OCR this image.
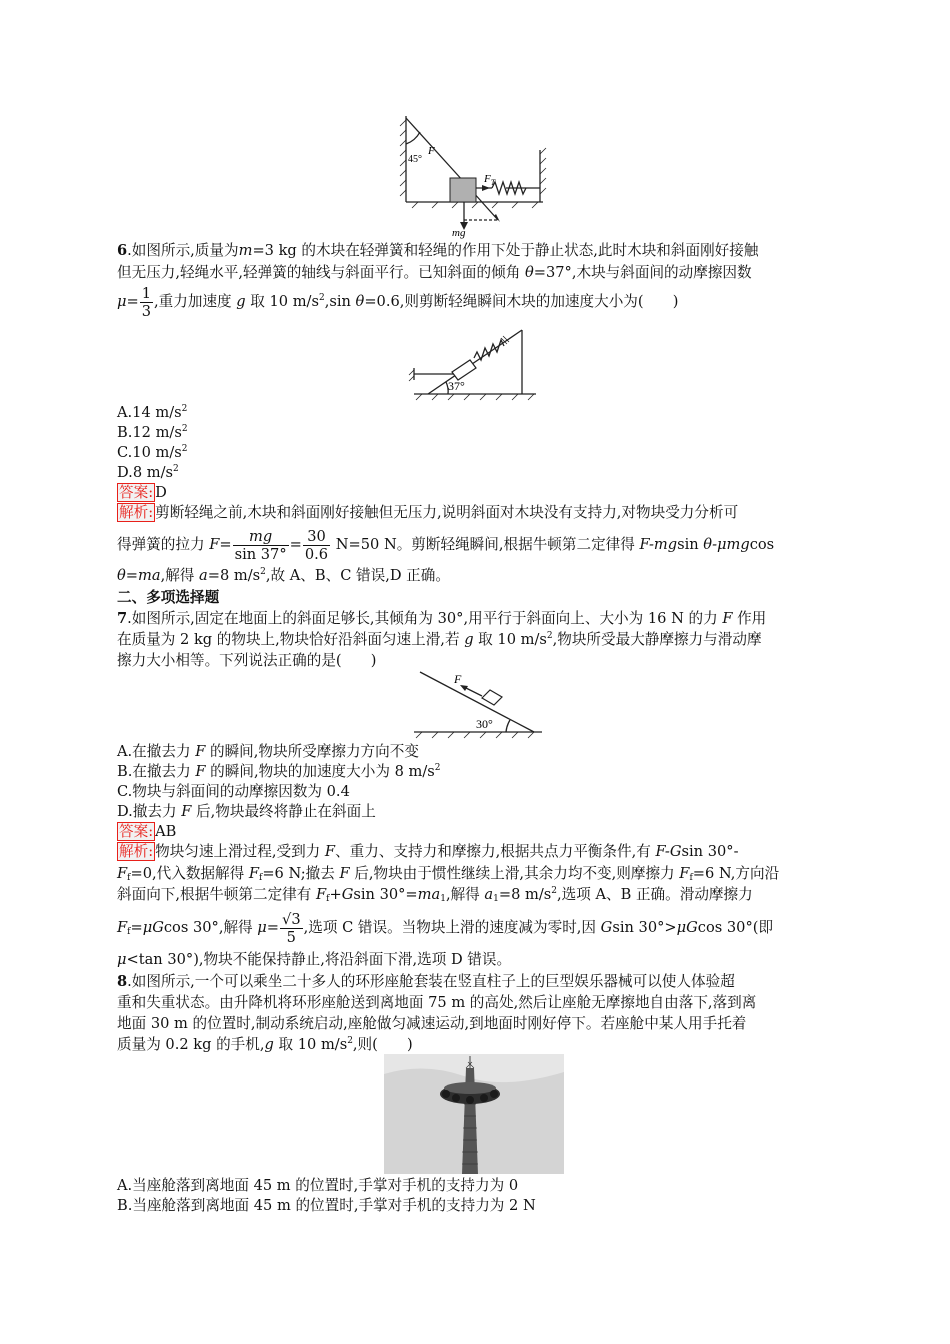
45°
F
$F_T$
mg
6.如图所示,质量为m=3 kg 的木块在轻弹簧和轻绳的作用下处于静止状态,此时木块和斜面刚好接触
但无压力,轻绳水平,轻弹簧的轴线与斜面平行。已知斜面的倾角 θ=37°,木块与斜面间的动摩擦因数
$\mu= \frac{1}{3}$ ,重力加速度 g 取 10 $m/s^2,\sin$ θ=0.6,则剪断轻绳瞬间木块的加速度大小为(　　)
37°
A.14 $m/s^2$
B.12 $m/s^2$
C.10 $m/s^2$
D.8 $m/s^2$
答案: D
解析: 剪断轻绳之前,木块和斜面刚好接触但无压力,说明斜面对木块没有支持力,对物块受力分析可
得弹簧的拉力 $F= \frac{mg}{\sin 37^\circ} = \frac{30}{0.6} N=50$ N。剪断轻绳瞬间,根据牛顿第二定律得 F-mgsin θ-μmgcos
θ=ma,解得 a=8 $m/s^2$,故 A、B、C 错误,D 正确。
二、多项选择题
7.如图所示,固定在地面上的斜面足够长,其倾角为 30°,用平行于斜面向上、大小为 16 N 的力 F 作用
在质量为 2 kg 的物块上,物块恰好沿斜面匀速上滑,若 g 取 10 $m/s^2$,物块所受最大静摩擦力与滑动摩
擦力大小相等。下列说法正确的是(　　)
F
30°
A.在撤去力 F 的瞬间,物块所受摩擦力方向不变
B.在撤去力 F 的瞬间,物块的加速度大小为 8 $m/s^2$
C.物块与斜面间的动摩擦因数为 0.4
D.撤去力 F 后,物块最终将静止在斜面上
答案: AB
解析: 物块匀速上滑过程,受到力 F、重力、支持力和摩擦力,根据共点力平衡条件,有 F-Gsin 30°-
$F_f=0$,代入数据解得 $F_f=6$ N;撤去 F 后,物块由于惯性继续上滑,其余力均不变,则摩擦力 $F_f=6$ N,方向沿
斜面向下,根据牛顿第二定律有 $F_f+Gsin$ $30^\circ=ma_1$,解得 $a_1=8$ $m/s^2$,选项 A、B 正确。滑动摩擦力
$F_f=\mu Gcos$ 30°,解得 $\mu= \frac{√3}{5}$ ,选项 C 错误。当物块上滑的速度减为零时,因 Gsin 30°>μGcos 30°(即
μ<tan 30°),物块不能保持静止,将沿斜面下滑,选项 D 错误。
8.如图所示,一个可以乘坐二十多人的环形座舱套装在竖直柱子上的巨型娱乐器械可以使人体验超
重和失重状态。由升降机将环形座舱送到离地面 75 m 的高处,然后让座舱无摩擦地自由落下,落到离
地面 30 m 的位置时,制动系统启动,座舱做匀减速运动,到地面时刚好停下。若座舱中某人用手托着
质量为 0.2 kg 的手机,g 取 10 $m/s^2$,则(　　)
A.当座舱落到离地面 45 m 的位置时,手掌对手机的支持力为 0
B.当座舱落到离地面 45 m 的位置时,手掌对手机的支持力为 2 N
